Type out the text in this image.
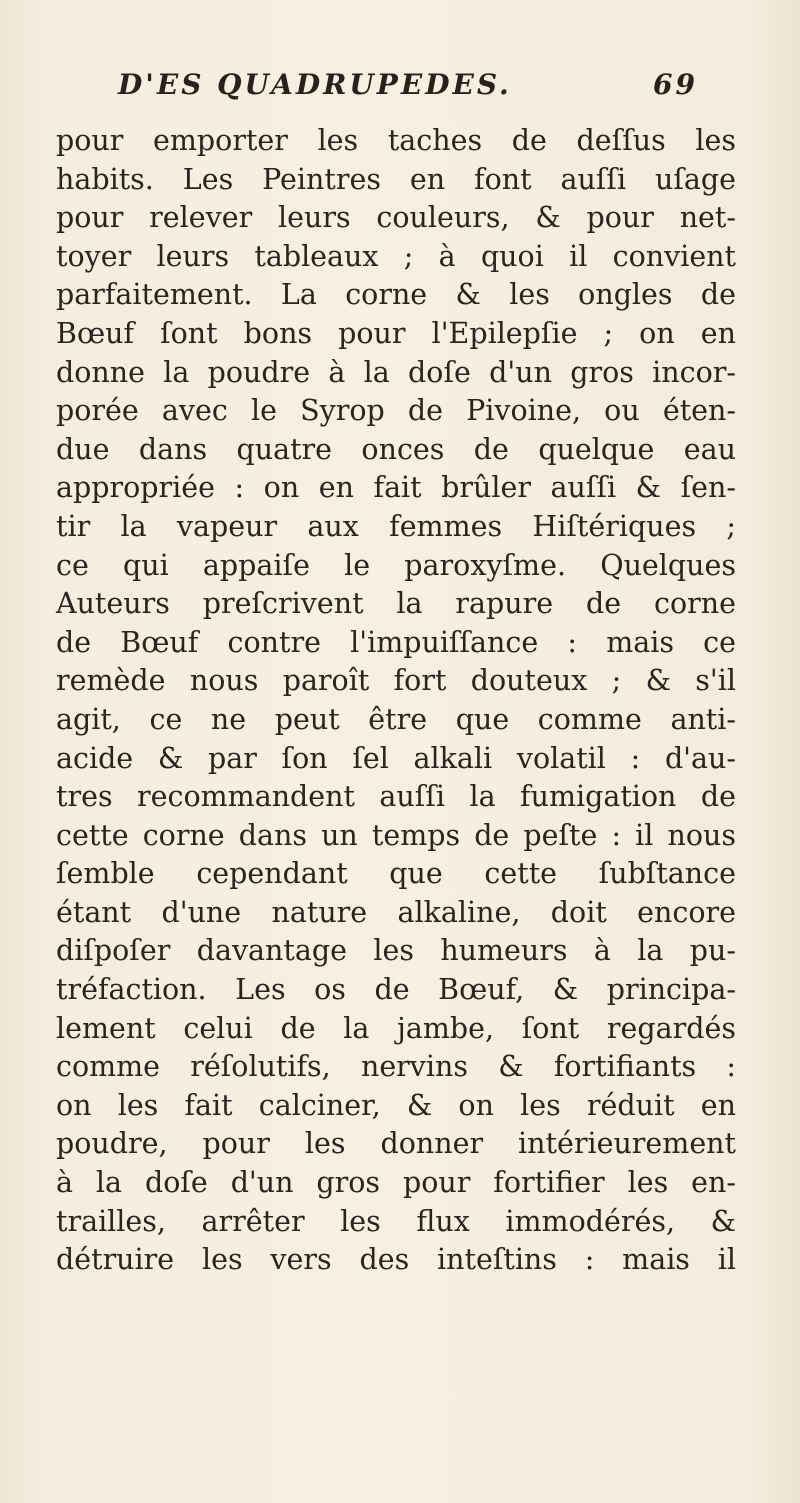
D'ES QUADRUPEDES.	69
pour emporter les taches de deſſus les
habits. Les Peintres en font auſſi uſage
pour relever leurs couleurs, & pour net-
toyer leurs tableaux ; à quoi il convient
parfaitement. La corne & les ongles de
Bœuf ſont bons pour l'Epilepſie ; on en
donne la poudre à la doſe d'un gros incor-
porée avec le Syrop de Pivoine, ou éten-
due dans quatre onces de quelque eau
appropriée : on en fait brûler auſſi & ſen-
tir la vapeur aux femmes Hiſtériques ;
ce qui appaiſe le paroxyſme. Quelques
Auteurs preſcrivent la rapure de corne
de Bœuf contre l'impuiſſance : mais ce
remède nous paroît fort douteux ; & s'il
agit, ce ne peut être que comme anti-
acide & par ſon ſel alkali volatil : d'au-
tres recommandent auſſi la fumigation de
cette corne dans un temps de peſte : il nous
ſemble cependant que cette ſubſtance
étant d'une nature alkaline, doit encore
diſpoſer davantage les humeurs à la pu-
tréfaction. Les os de Bœuf, & principa-
lement celui de la jambe, ſont regardés
comme réſolutifs, nervins & fortifiants :
on les fait calciner, & on les réduit en
poudre, pour les donner intérieurement
à la doſe d'un gros pour fortifier les en-
trailles, arrêter les flux immodérés, &
détruire les vers des inteſtins : mais il
